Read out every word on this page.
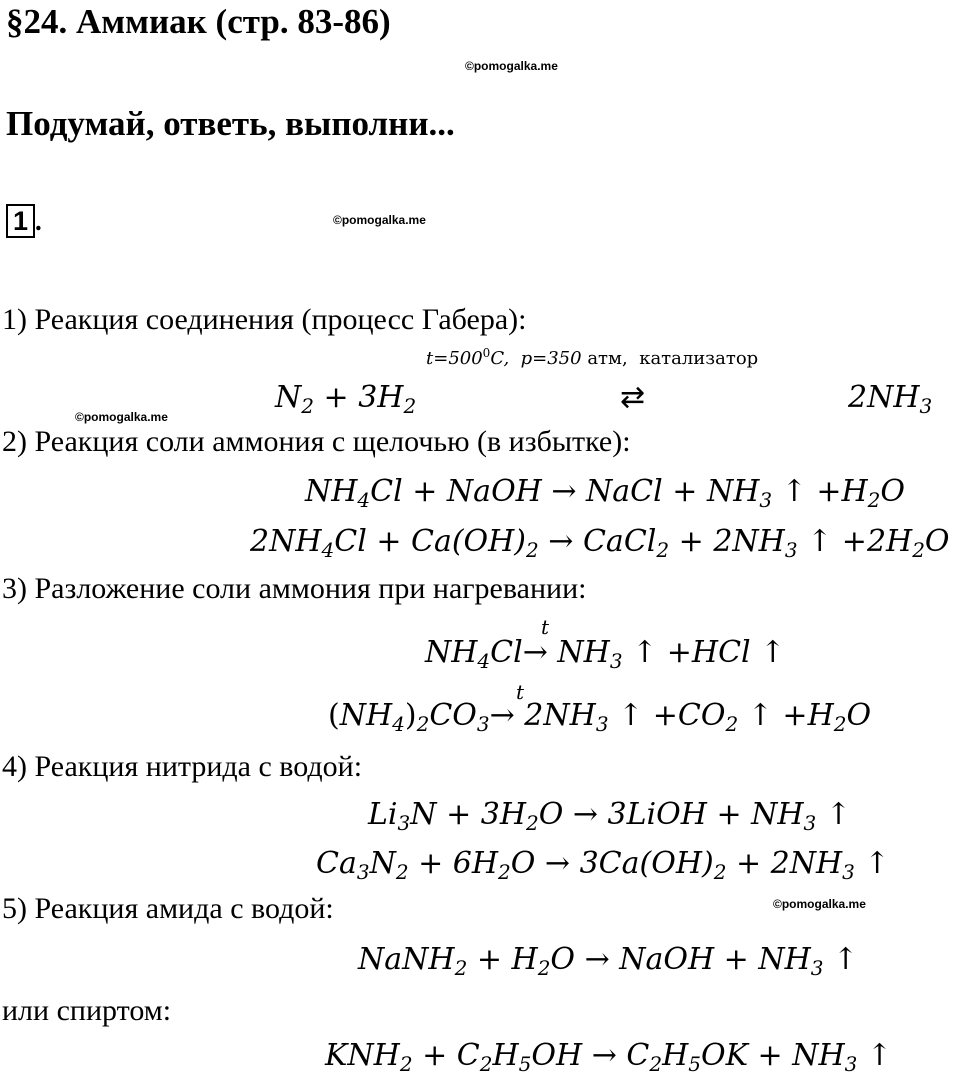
§24. Аммиак (стр. 83-86)
©pomogalka.me
Подумай, ответь, выполни...
1 .	©pomogalka.me
1) Реакция соединения (процесс Габера):
$t=500^0C$, p=350 атм, катализатор
$N_2 + 3H_2$	⇄	$2NH_3$
©pomogalka.me
2) Реакция соли аммония с щелочью (в избытке):
$NH_4Cl$ + NaOH → NaCl + $NH_3$ ↑ $+H_2O$
$2NH_4Cl + Ca(OH)_2$ → CaCl$_2$ + $2NH_3$ ↑ $+2H_2O$
3) Разложение соли аммония при нагревании:
t
$NH_4Cl\to NH_3$ ↑ +HCl ↑
t
$(NH_4)_2CO_3\to 2NH_3$ ↑ $+CO_2$ ↑ $+H_2O$
4) Реакция нитрида с водой:
$Li_3N + 3H_2O$ → 3LiOH + $NH_3$ ↑
$Ca_3N_2 + 6H_2O \to 3Ca(OH)_2 + 2NH_3$ ↑
5) Реакция амида с водой:	©pomogalka.me
NaNH$_2$ + $H_2O$ → NaOH + $NH_3$ ↑
или спиртом:
$KNH_2 + C_2H_5OH \to C_2H_5OK + NH_3$ ↑
